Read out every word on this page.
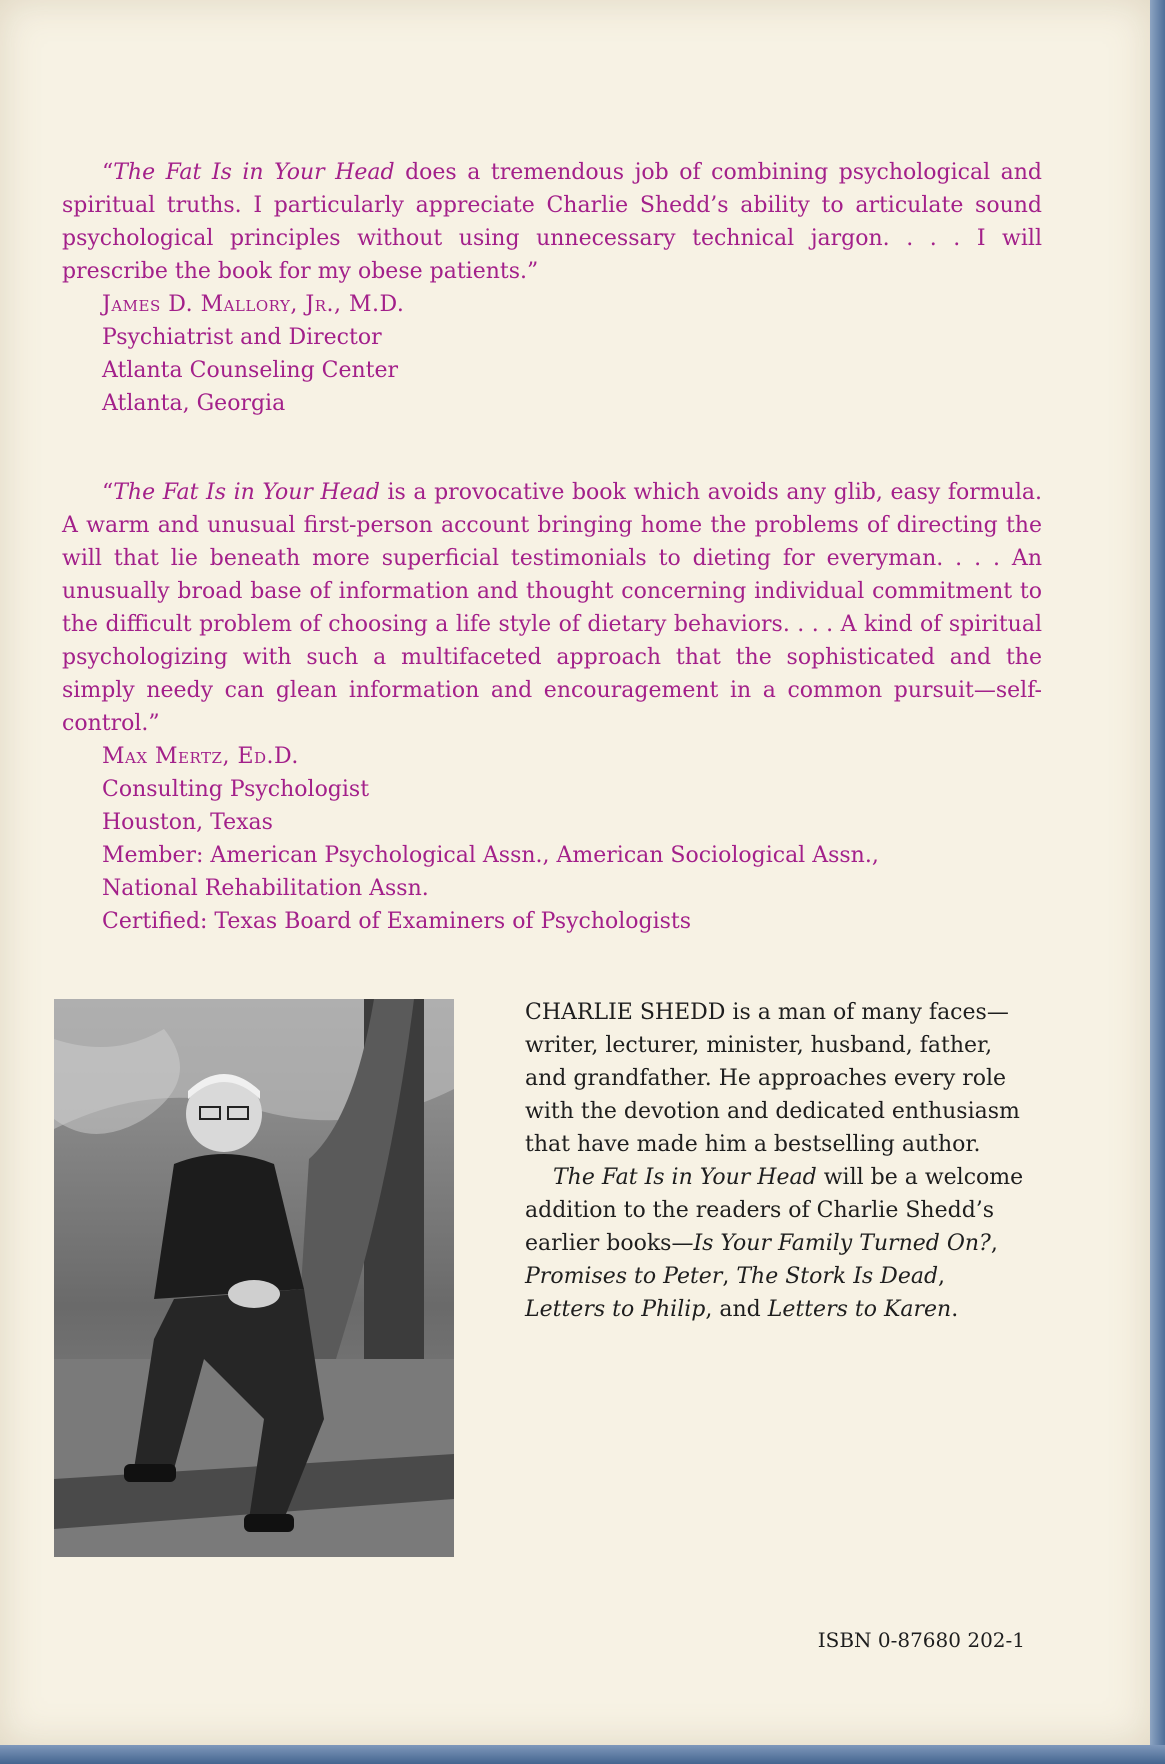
“The Fat Is in Your Head does a tremendous job of combining psychological and spiritual truths. I particularly appreciate Charlie Shedd’s ability to articulate sound psychological principles without using unnecessary technical jargon. . . . I will prescribe the book for my obese patients.”

James D. Mallory, Jr., M.D.

Psychiatrist and Director

Atlanta Counseling Center

Atlanta, Georgia

“The Fat Is in Your Head is a provocative book which avoids any glib, easy formula. A warm and unusual first-person account bringing home the problems of directing the will that lie beneath more superficial testimonials to dieting for everyman. . . . An unusually broad base of information and thought concerning individual commitment to the difficult problem of choosing a life style of dietary behaviors. . . . A kind of spiritual psychologizing with such a multifaceted approach that the sophisticated and the simply needy can glean information and encouragement in a common pursuit—self-control.”

Max Mertz, Ed.D.

Consulting Psychologist

Houston, Texas

Member: American Psychological Assn., American Sociological Assn.,

National Rehabilitation Assn.

Certified: Texas Board of Examiners of Psychologists

CHARLIE SHEDD is a man of many faces—writer, lecturer, minister, husband, father, and grandfather. He approaches every role with the devotion and dedicated enthusiasm that have made him a bestselling author.

The Fat Is in Your Head will be a welcome addition to the readers of Charlie Shedd’s earlier books—Is Your Family Turned On?, Promises to Peter, The Stork Is Dead, Letters to Philip, and Letters to Karen.

ISBN 0-87680 202-1
